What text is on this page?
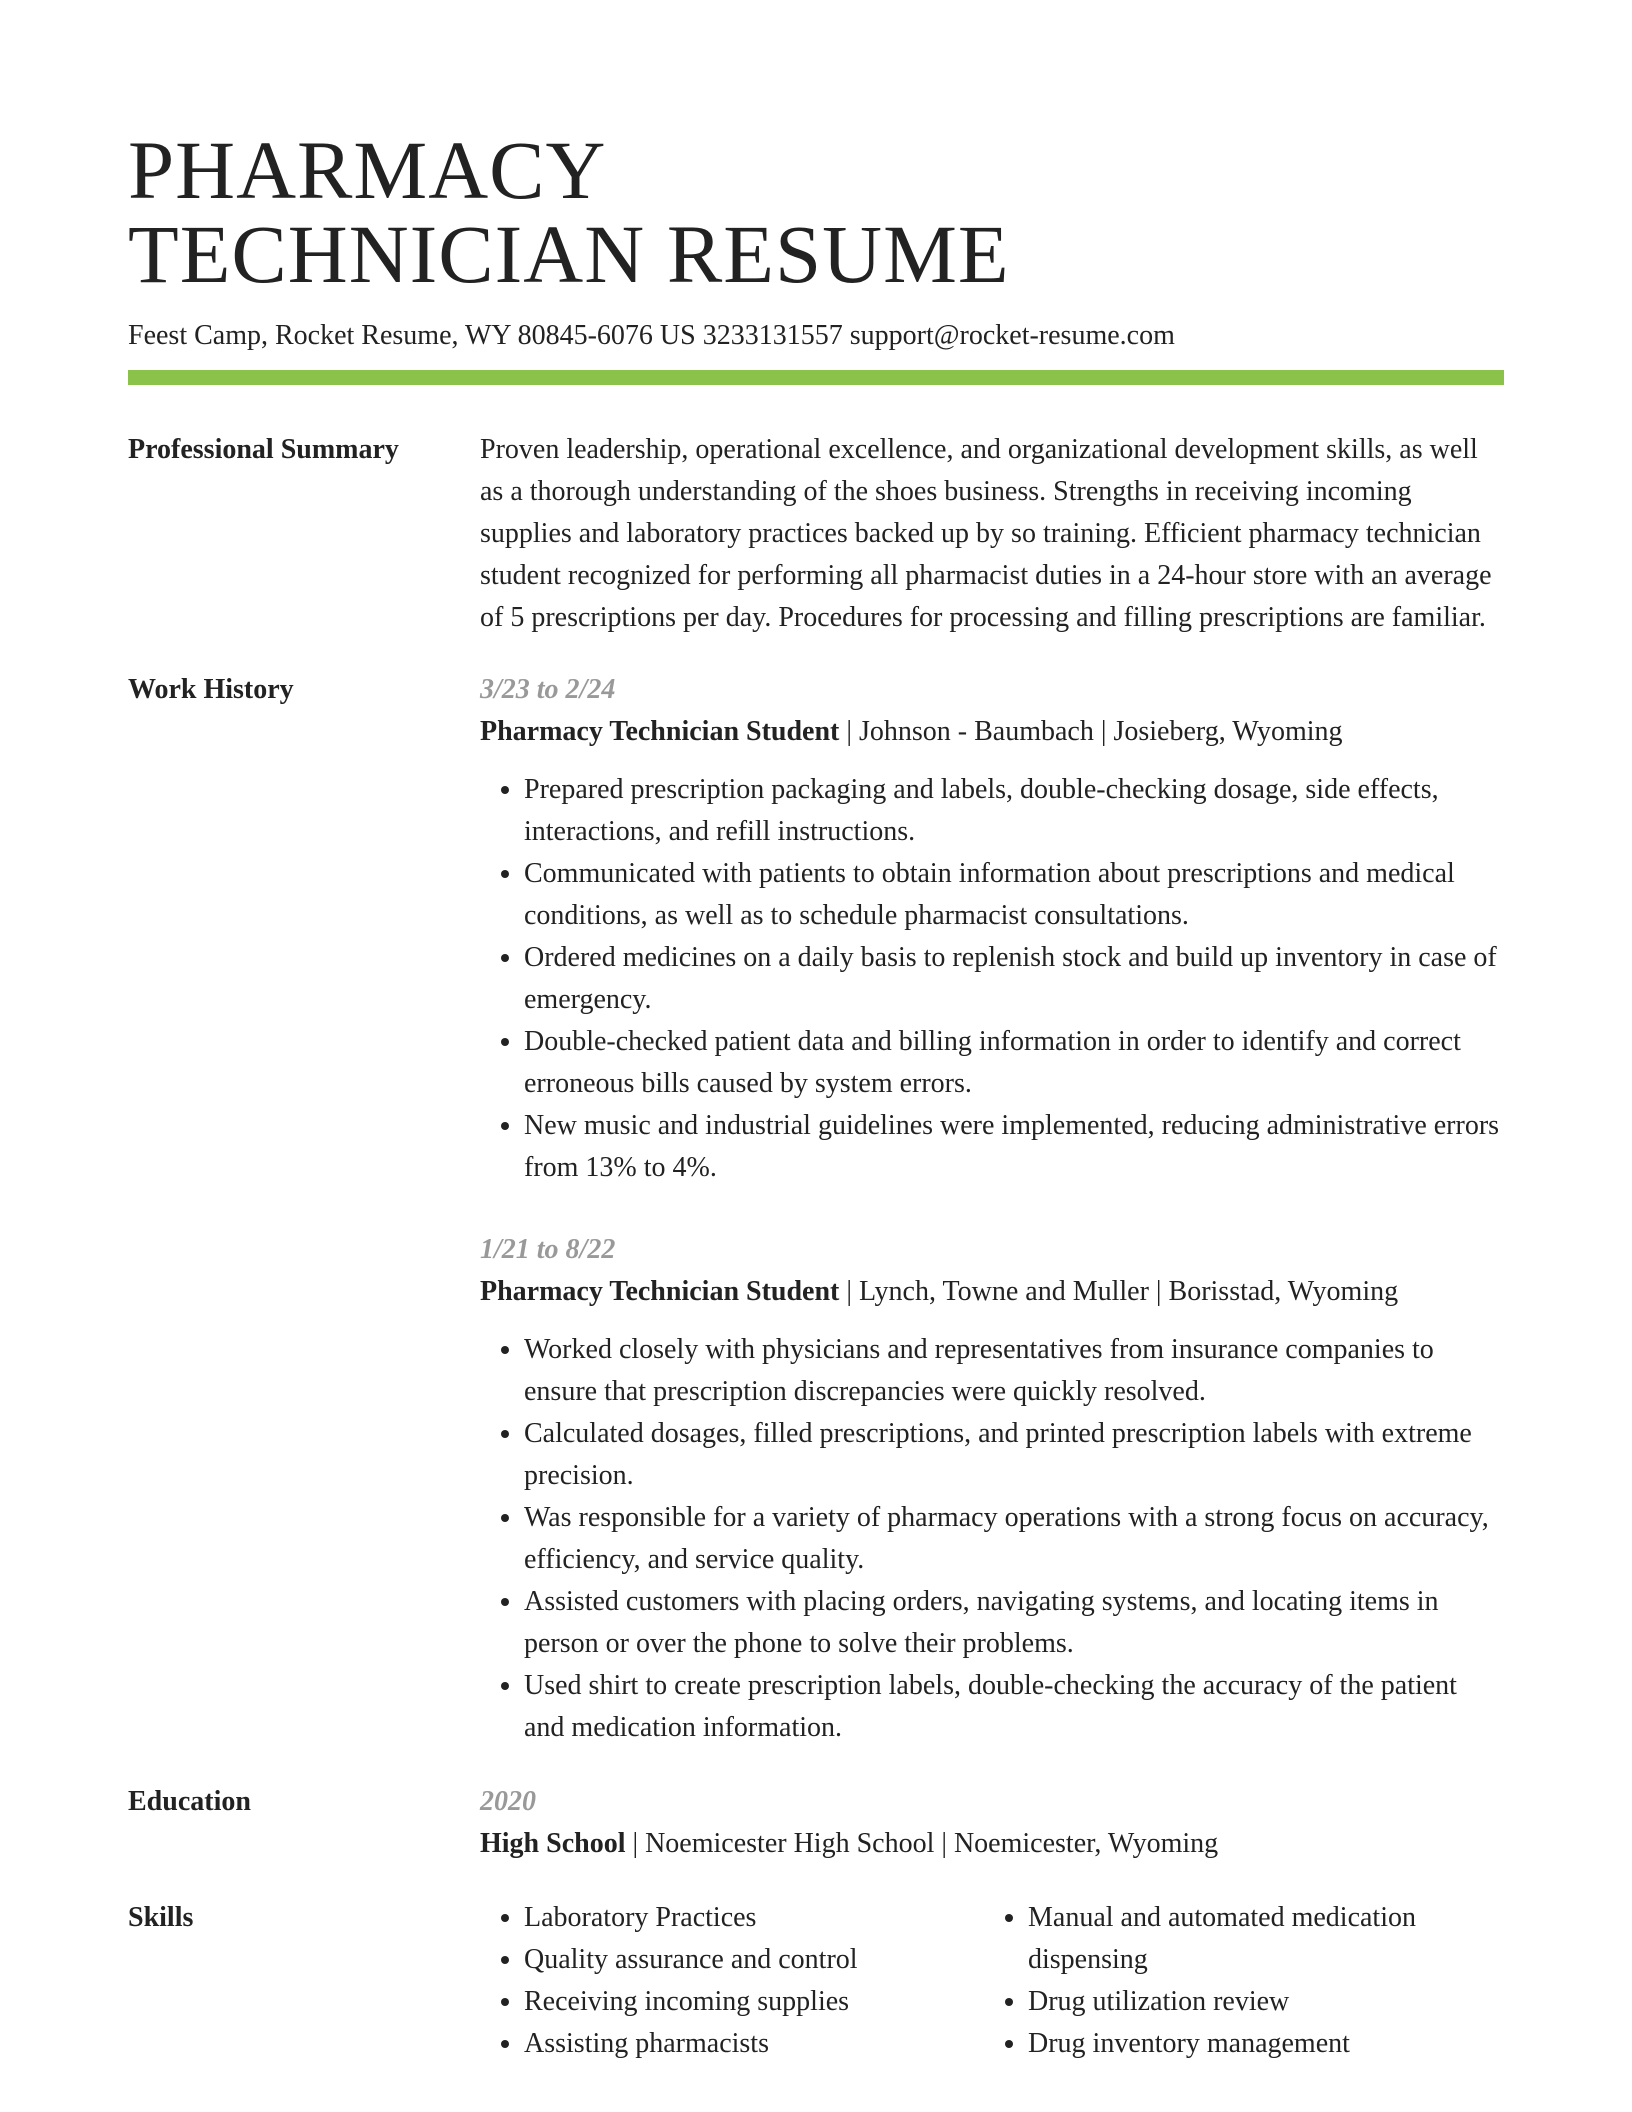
PHARMACY
TECHNICIAN RESUME
Feest Camp, Rocket Resume, WY 80845-6076 US 3233131557 support@rocket-resume.com
Professional Summary	Proven leadership, operational excellence, and organizational development skills, as well as a thorough understanding of the shoes business. Strengths in receiving incoming supplies and laboratory practices backed up by so training. Efficient pharmacy technician student recognized for performing all pharmacist duties in a 24-hour store with an average of 5 prescriptions per day. Procedures for processing and filling prescriptions are familiar.
Work History	3/23 to 2/24
Pharmacy Technician Student | Johnson - Baumbach | Josieberg, Wyoming
• Prepared prescription packaging and labels, double-checking dosage, side effects, interactions, and refill instructions.
• Communicated with patients to obtain information about prescriptions and medical conditions, as well as to schedule pharmacist consultations.
• Ordered medicines on a daily basis to replenish stock and build up inventory in case of emergency.
• Double-checked patient data and billing information in order to identify and correct erroneous bills caused by system errors.
• New music and industrial guidelines were implemented, reducing administrative errors from 13% to 4%.
1/21 to 8/22
Pharmacy Technician Student | Lynch, Towne and Muller | Borisstad, Wyoming
• Worked closely with physicians and representatives from insurance companies to ensure that prescription discrepancies were quickly resolved.
• Calculated dosages, filled prescriptions, and printed prescription labels with extreme precision.
• Was responsible for a variety of pharmacy operations with a strong focus on accuracy, efficiency, and service quality.
• Assisted customers with placing orders, navigating systems, and locating items in person or over the phone to solve their problems.
• Used shirt to create prescription labels, double-checking the accuracy of the patient and medication information.
Education	2020
High School | Noemicester High School | Noemicester, Wyoming
Skills
•	Laboratory Practices
• Quality assurance and control
• Receiving incoming supplies
• Assisting pharmacists
• Manual and automated medication dispensing
• Drug utilization review
• Drug inventory management
